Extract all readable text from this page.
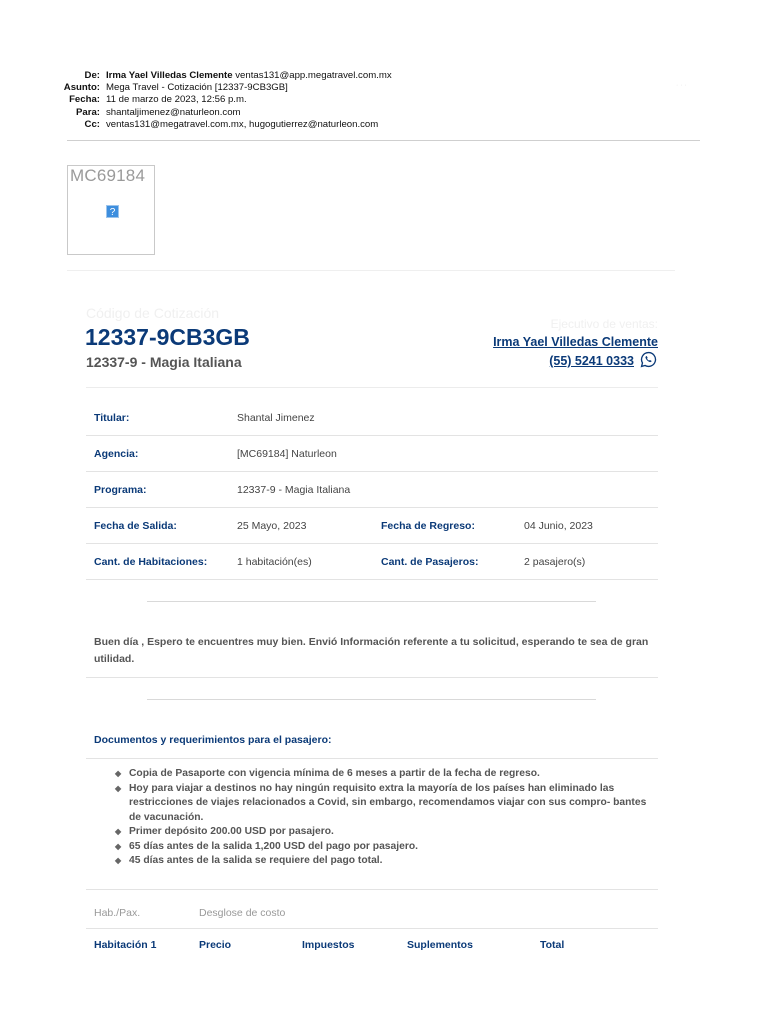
De: Irma Yael Villedas Clemente ventas131@app.megatravel.com.mx
Asunto: Mega Travel - Cotización [12337-9CB3GB]
Fecha: 11 de marzo de 2023, 12:56 p.m.
Para: shantaljimenez@naturleon.com
Cc: ventas131@megatravel.com.mx, hugogutierrez@naturleon.com
· · ·
MC69184
?
Código de Cotización
12337-9CB3GB
12337-9 - Magia Italiana
Ejecutivo de ventas:
Irma Yael Villedas Clemente
(55) 5241 0333
Titular:	Shantal Jimenez
Agencia:	[MC69184] Naturleon
Programa:	12337-9 - Magia Italiana
Fecha de Salida:	25 Mayo, 2023	Fecha de Regreso:	04 Junio, 2023
Cant. de Habitaciones:	1 habitación(es)	Cant. de Pasajeros:	2 pasajero(s)
Buen día , Espero te encuentres muy bien. Envió Información referente a tu solicitud, esperando te sea de gran utilidad.
Documentos y requerimientos para el pasajero:
◆ Copia de Pasaporte con vigencia mínima de 6 meses a partir de la fecha de regreso.
◆ Hoy para viajar a destinos no hay ningún requisito extra la mayoría de los países han eliminado las restricciones de viajes relacionados a Covid, sin embargo, recomendamos viajar con sus compro- bantes de vacunación.
◆ Primer depósito 200.00 USD por pasajero.
◆ 65 días antes de la salida 1,200 USD del pago por pasajero.
◆ 45 días antes de la salida se requiere del pago total.
Hab./Pax.	Desglose de costo
Habitación 1	Precio	Impuestos	Suplementos	Total
